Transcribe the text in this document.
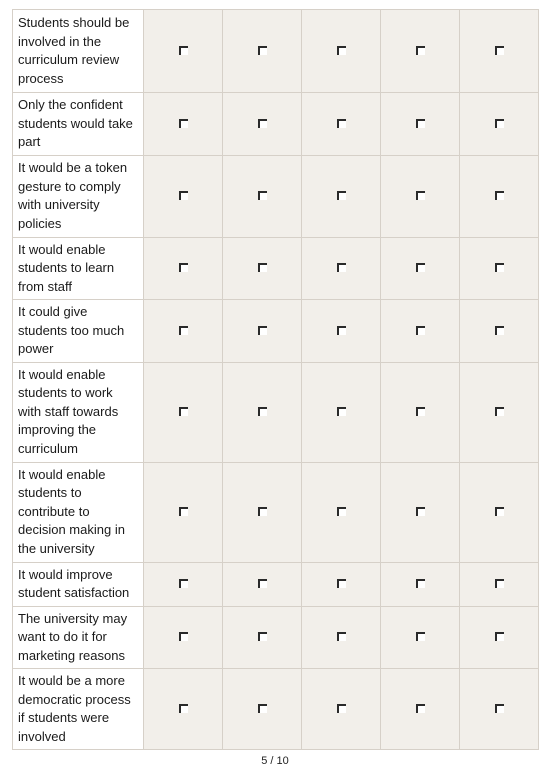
Students should be involved in the curriculum review process					
Only the confident students would take part					
It would be a token gesture to comply with university policies					
It would enable students to learn from staff					
It could give students too much power					
It would enable students to work with staff towards improving the curriculum					
It would enable students to contribute to decision making in the university					
It would improve student satisfaction					
The university may want to do it for marketing reasons					
It would be a more democratic process if students were involved					
5 / 10
